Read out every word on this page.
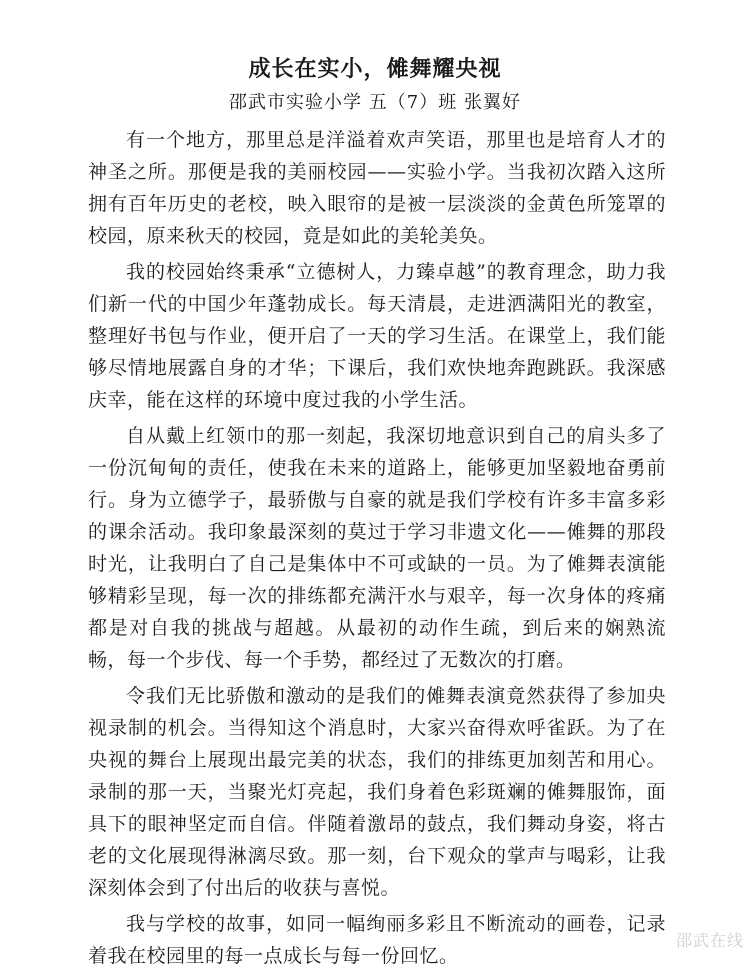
成长在实小，傩舞耀央视
邵武市实验小学 五（7）班 张翼好

有一个地方，那里总是洋溢着欢声笑语，那里也是培育人才的神圣之所。那便是我的美丽校园——实验小学。当我初次踏入这所拥有百年历史的老校，映入眼帘的是被一层淡淡的金黄色所笼罩的校园，原来秋天的校园，竟是如此的美轮美奂。

我的校园始终秉承“立德树人，力臻卓越”的教育理念，助力我们新一代的中国少年蓬勃成长。每天清晨，走进洒满阳光的教室，整理好书包与作业，便开启了一天的学习生活。在课堂上，我们能够尽情地展露自身的才华；下课后，我们欢快地奔跑跳跃。我深感庆幸，能在这样的环境中度过我的小学生活。

自从戴上红领巾的那一刻起，我深切地意识到自己的肩头多了一份沉甸甸的责任，使我在未来的道路上，能够更加坚毅地奋勇前行。身为立德学子，最骄傲与自豪的就是我们学校有许多丰富多彩的课余活动。我印象最深刻的莫过于学习非遗文化——傩舞的那段时光，让我明白了自己是集体中不可或缺的一员。为了傩舞表演能够精彩呈现，每一次的排练都充满汗水与艰辛，每一次身体的疼痛都是对自我的挑战与超越。从最初的动作生疏，到后来的娴熟流畅，每一个步伐、每一个手势，都经过了无数次的打磨。

令我们无比骄傲和激动的是我们的傩舞表演竟然获得了参加央视录制的机会。当得知这个消息时，大家兴奋得欢呼雀跃。为了在央视的舞台上展现出最完美的状态，我们的排练更加刻苦和用心。录制的那一天，当聚光灯亮起，我们身着色彩斑斓的傩舞服饰，面具下的眼神坚定而自信。伴随着激昂的鼓点，我们舞动身姿，将古老的文化展现得淋漓尽致。那一刻，台下观众的掌声与喝彩，让我深刻体会到了付出后的收获与喜悦。

我与学校的故事，如同一幅绚丽多彩且不断流动的画卷，记录着我在校园里的每一点成长与每一份回忆。

邵武在线
